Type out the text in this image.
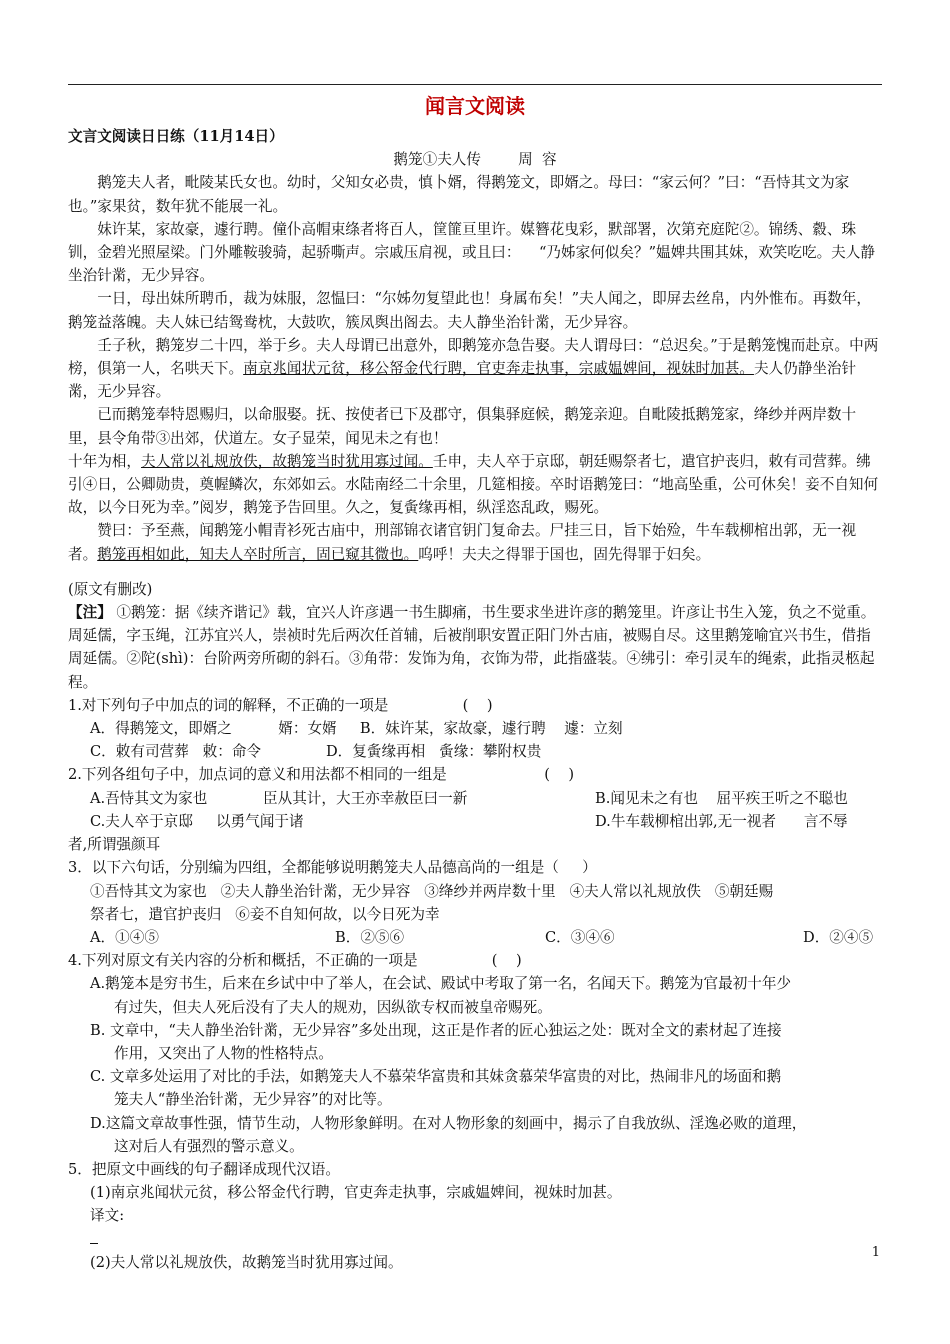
闻言文阅读
文言文阅读日日练（11月14日）
鹅笼①夫人传        周  容
鹅笼夫人者，毗陵某氏女也。幼时，父知女必贵，慎卜婿，得鹅笼文，即婿之。母曰：“家云何？”曰：“吾恃其文为家也。”家果贫，数年犹不能展一礼。
妹许某，家故豪，遽行聘。僮仆高帽束绦者将百人，筐篚亘里许。媒簪花曳彩，默部署，次第充庭陀②。锦绣、縠、珠钏，金碧光照屋梁。门外雕鞍骏骑，起骄嘶声。宗戚压肩视，或且曰：    “乃姊家何似矣？”媪婢共围其妹，欢笑吃吃。夫人静坐治针黹，无少异容。
一日，母出妹所聘币，裁为妹服，忽愠曰：“尔姊勿复望此也！身属布矣！”夫人闻之，即屏去丝帛，内外惟布。再数年，鹅笼益落魄。夫人妹已结鸳鸯枕，大鼓吹，簇凤舆出阁去。夫人静坐治针黹，无少异容。
壬子秋，鹅笼岁二十四，举于乡。夫人母谓已出意外，即鹅笼亦急告娶。夫人谓母曰：“总迟矣。”于是鹅笼愧而赴京。中两榜，俱第一人，名哄天下。南京兆闻状元贫，移公帑金代行聘，官吏奔走执事，宗戚媪婢间，视妹时加甚。夫人仍静坐治针黹，无少异容。
已而鹅笼奉特恩赐归，以命服娶。抚、按使者已下及郡守，俱集驿庭候，鹅笼亲迎。自毗陵抵鹅笼家，绛纱并两岸数十里，县令角带③出郊，伏道左。女子显荣，闻见未之有也！
十年为相，夫人常以礼规放佚，故鹅笼当时犹用寡过闻。壬申，夫人卒于京邸，朝廷赐祭者七，遣官护丧归，敕有司营葬。绋引④日，公卿勋贵，奠幄鳞次，东郊如云。水陆南经二十余里，几筵相接。卒时语鹅笼曰：“地高坠重，公可休矣！妾不自知何故，以今日死为幸。”阅岁，鹅笼予告回里。久之，复夤缘再相，纵淫恣乱政，赐死。
赞曰：予至燕，闻鹅笼小帽青衫死古庙中，刑部锦衣诸官钥门复命去。尸挂三日，旨下始殓，牛车载柳棺出郭，无一视者。鹅笼再相如此，知夫人卒时所言，固已窥其微也。呜呼！夫夫之得罪于国也，固先得罪于妇矣。
(原文有删改)
【注】 ①鹅笼：据《续齐谐记》载，宜兴人许彦遇一书生脚痛，书生要求坐进许彦的鹅笼里。许彦让书生入笼，负之不觉重。周延儒，字玉绳，江苏宜兴人，崇祯时先后两次任首辅，后被削职安置正阳门外古庙，被赐自尽。这里鹅笼喻宜兴书生，借指周延儒。②陀(shì)：台阶两旁所砌的斜石。③角带：发饰为角，衣饰为带，此指盛装。④绋引：牵引灵车的绳索，此指灵柩起程。
1.对下列句子中加点的词的解释，不正确的一项是                (    )
A．得鹅笼文，即婿之          婿：女婿     B．妹许某，家故豪，遽行聘    遽：立刻
C．敕有司营葬   敕：命令              D．复夤缘再相   夤缘：攀附权贵
2.下列各组句子中，加点词的意义和用法都不相同的一组是                     (    )
A.吾恃其文为家也            臣从其计，大王亦幸赦臣曰一新	B.闻见未之有也    屈平疾王听之不聪也
C.夫人卒于京邸     以勇气闻于诸	D.牛车载柳棺出郭,无一视者      言不辱
者,所谓强颜耳
3．以下六句话，分别编为四组，全都能够说明鹅笼夫人品德高尚的一组是（     ）
①吾恃其文为家也   ②夫人静坐治针黹，无少异容   ③绛纱并两岸数十里   ④夫人常以礼规放佚   ⑤朝廷赐
祭者七，遣官护丧归   ⑥妾不自知何故，以今日死为幸
A．①④⑤	B．②⑤⑥	C．③④⑥	D．②④⑤
4.下列对原文有关内容的分析和概括，不正确的一项是                (    )
A.鹅笼本是穷书生，后来在乡试中中了举人，在会试、殿试中考取了第一名，名闻天下。鹅笼为官最初十年少
有过失，但夫人死后没有了夫人的规劝，因纵欲专权而被皇帝赐死。
B. 文章中，“夫人静坐治针黹，无少异容”多处出现，这正是作者的匠心独运之处：既对全文的素材起了连接
作用，又突出了人物的性格特点。
C. 文章多处运用了对比的手法，如鹅笼夫人不慕荣华富贵和其妹贪慕荣华富贵的对比，热闹非凡的场面和鹅
笼夫人“静坐治针黹，无少异容”的对比等。
D.这篇文章故事性强，情节生动，人物形象鲜明。在对人物形象的刻画中，揭示了自我放纵、淫逸必败的道理，
这对后人有强烈的警示意义。
5．把原文中画线的句子翻译成现代汉语。
(1)南京兆闻状元贫，移公帑金代行聘，官吏奔走执事，宗戚媪婢间，视妹时加甚。
译文:
(2)夫人常以礼规放佚，故鹅笼当时犹用寡过闻。
1
